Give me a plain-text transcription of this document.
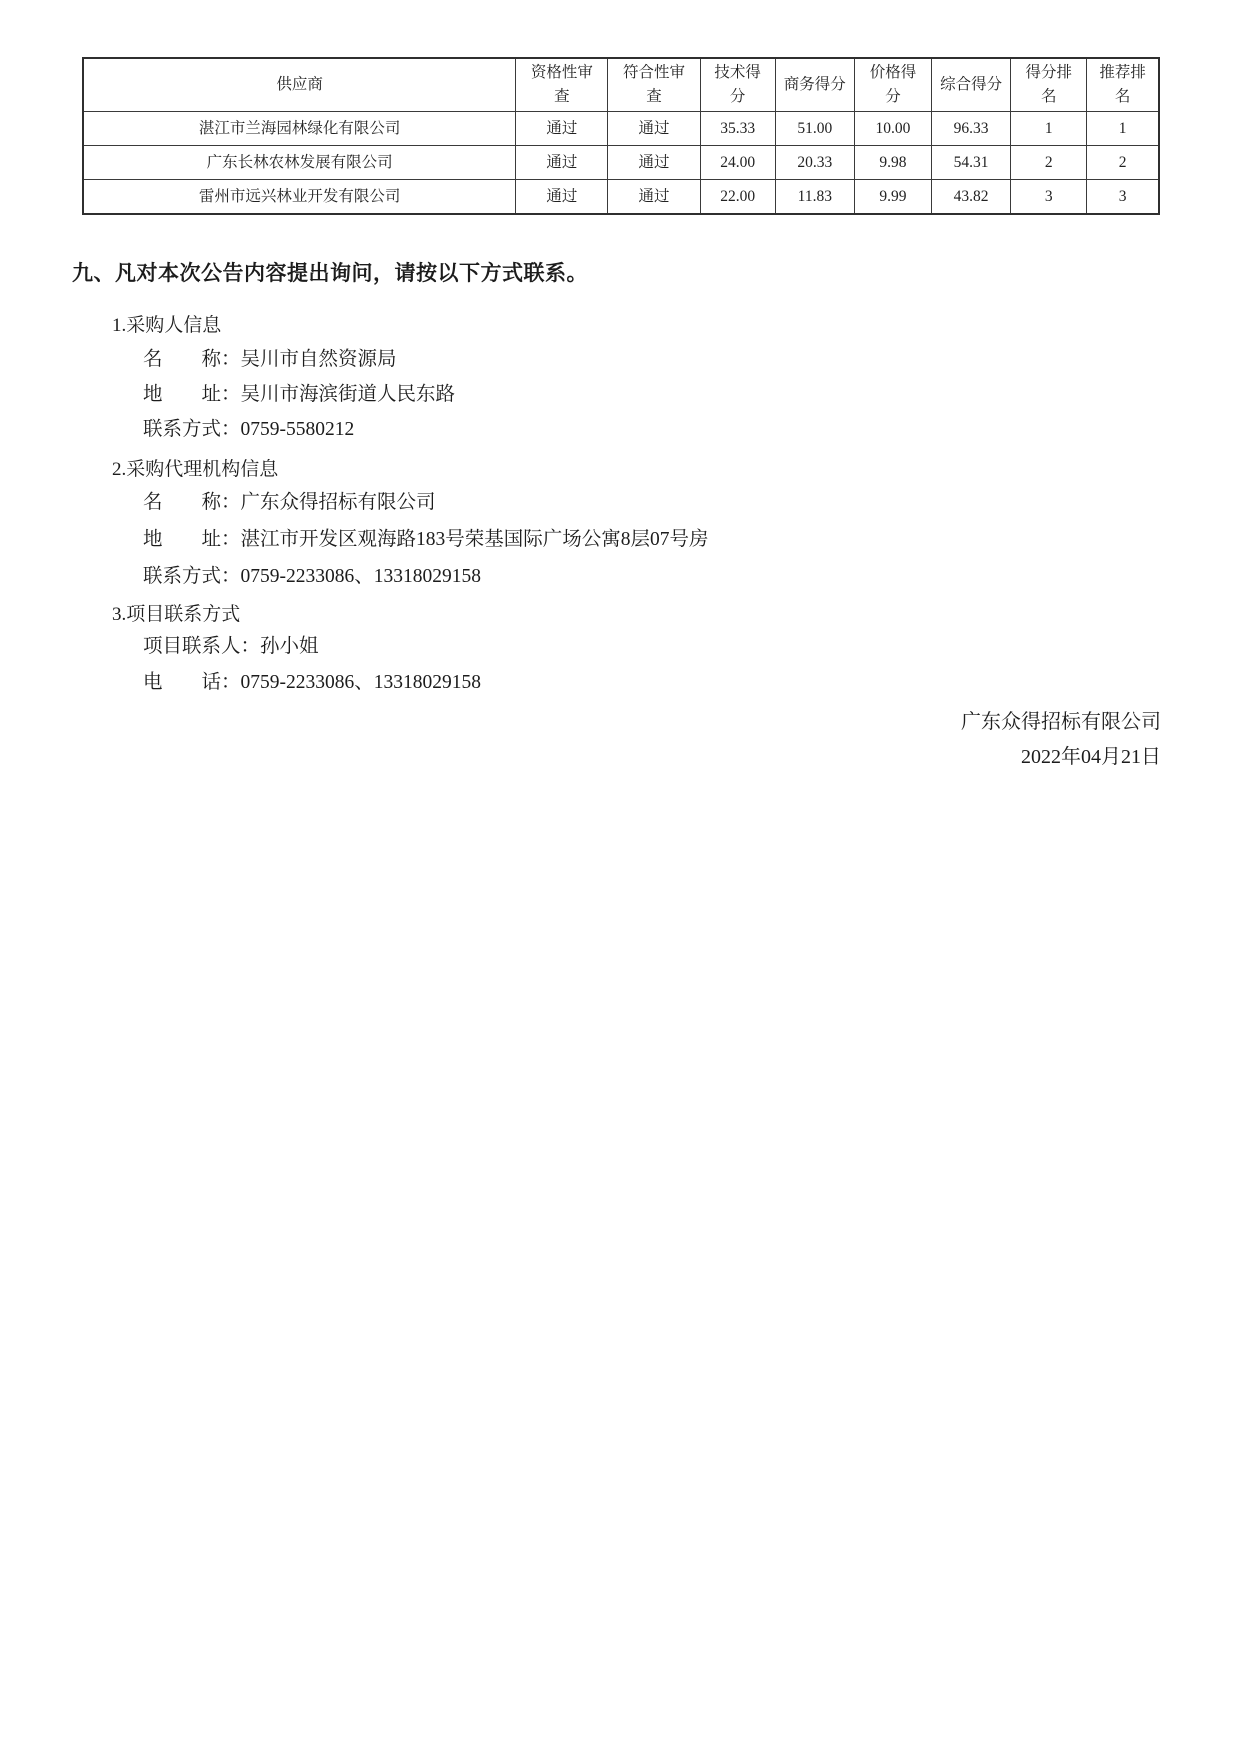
供应商	资格性审查	符合性审查	技术得分	商务得分	价格得分	综合得分	得分排名	推荐排名
湛江市兰海园林绿化有限公司	通过	通过	35.33	51.00	10.00	96.33	1	1
广东长林农林发展有限公司	通过	通过	24.00	20.33	9.98	54.31	2	2
雷州市远兴林业开发有限公司	通过	通过	22.00	11.83	9.99	43.82	3	3
九、凡对本次公告内容提出询问，请按以下方式联系。
1.采购人信息
名　　称：吴川市自然资源局
地　　址：吴川市海滨街道人民东路
联系方式：0759-5580212
2.采购代理机构信息
名　　称：广东众得招标有限公司
地　　址：湛江市开发区观海路183号荣基国际广场公寓8层07号房
联系方式：0759-2233086、13318029158
3.项目联系方式
项目联系人：孙小姐
电　　话：0759-2233086、13318029158
广东众得招标有限公司
2022年04月21日
